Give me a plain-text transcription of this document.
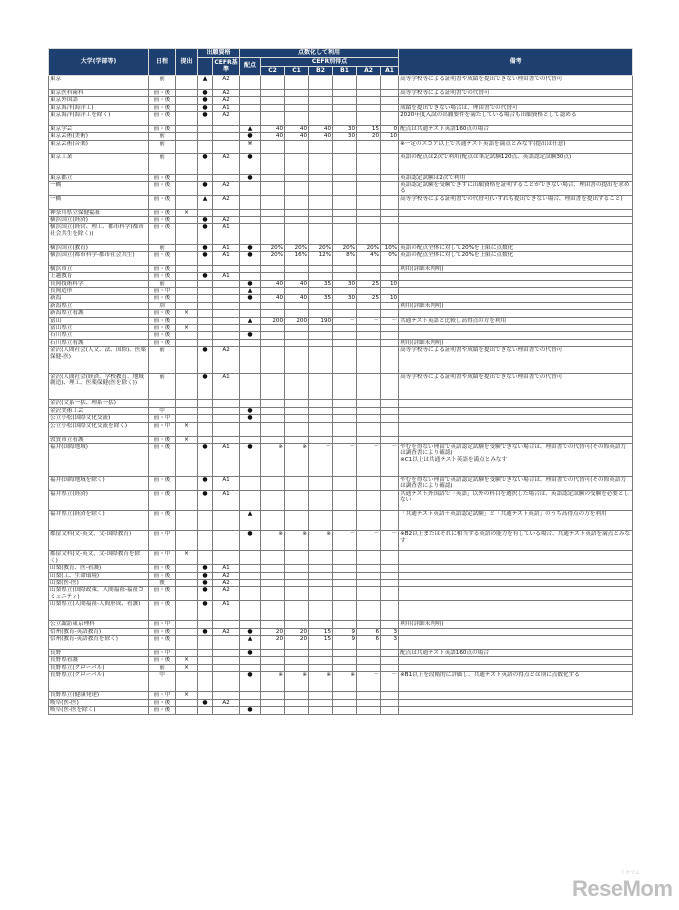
大学(学部等)	日程	提出	出願資格		点数化して利用							備考
				CEFR基準	配点	CEFR別得点						
						C2	C1	B2	B1	A2	A1	
東京	前		▲	A2								高等学校等による証明書や成績を提出できない理由書での代替可
東京医科歯科	前・後		●	A2								高等学校等による証明書での代替可
東京外国語	前・後		●	A2								
東京海洋(海洋工)	前・後		●	A1								成績を提出できない場合は、理由書での代替可
東京海洋(海洋工を除く)	前・後		●	A2								2020年度入試の出願要件を満たしている場合も出願資格として認める
東京学芸	前・後				▲	40	40	40	30	15	0	配点は共通テスト英語160点の場合
東京芸術(美術)	前				●	40	40	40	30	20	10	
東京芸術(音楽)	前				※							※一定のスコア以上で共通テスト英語を満点とみなす(提出は任意)
東京工業	前		●	A2	●							英語の配点は2次で利用(配点は筆記試験120点、英語認定試験30点)
東京都立	前・後				●							英語認定試験は2次で利用
一橋	前・後		●	A2								英語認定試験を受験できずに出願資格を証明することができない場合、理由書の提出を求める
一橋	前・後		▲	A2								高等学校等による証明書での代替可(いずれも提出できない場合、理由書を提出すること)
神奈川県立保健福祉	前・後	×										
横浜国立(経済)	前・後		●	A2								
横浜国立(経営、理工、都市科学(都市社会共生を除く))	前・後		●	A1								
横浜国立(教育)	前		●	A1	●	20%	20%	20%	20%	20%	10%	英語の配点全体に対して20%を上限に点数化
横浜国立(都市科学-都市社会共生)	前・後		●	A1	●	20%	16%	12%	8%	4%	0%	英語の配点全体に対して20%を上限に点数化
横浜市立	前・後											利用(詳細未判明)
上越教育	前・後		●	A1								
長岡技術科学	前				●	40	40	35	30	25	10	
長岡造形	前・中				▲							
新潟	前・後				●	40	40	35	30	25	10	
新潟県立	別											利用(詳細未判明)
新潟県立看護	前・後	×										
富山	前・後				▲	200	200	190	－	－	－	共通テスト英語と比較し高得点の方を利用
富山県立	前・後	×										
石川県立	前・後				●							
石川県立看護	前・後											利用(詳細未判明)
金沢(人間社会(人文、法、国際)、医薬保健-医)	前		●	A2								高等学校等による証明書や成績を提出できない理由書での代替可
金沢(人間社会(経済、学校教育、地域創造)、理工、医薬保健(医を除く))	前		●	A1								高等学校等による証明書や成績を提出できない理由書での代替可
金沢(文系一括、理系一括)												
金沢美術工芸	中				●							
公立小松(国際文化交流)	前・中				●							
公立小松(国際文化交流を除く)	前・中	×										
敦賀市立看護	前・後	×										
福井(国際地域)	前・後		●	A1	●	※	※	－	－	－	－	やむを得ない理由で英語認定試験を受験できない場合は、理由書での代替可(その際英語力は調査書により確認)
※C1以上は共通テスト英語を満点とみなす
福井(国際地域を除く)	前・後		●	A1								やむを得ない理由で英語認定試験を受験できない場合は、理由書での代替可(その際英語力は調査書により確認)
福井県立(経済)	前・後		●	A1								共通テスト外国語で「英語」以外の科目を選択した場合は、英語認定試験の受験を必要としない
福井県立(経済を除く)	前・後				▲							「共通テスト英語＋英語認定試験」と「共通テスト英語」のうち高得点の方を利用
都留文科(文-英文、文-国際教育)	前・中				●	※	※	※	－	－	－	※B2以上またはそれに相当する英語の能力を有している場合、共通テスト英語を満点とみなす
都留文科(文-英文、文-国際教育を除く)	前・中	×										
山梨(教育、医-看護)	前・後		●	A1								
山梨(工、生命環境)	前・後		●	A2								
山梨(医-医)	後		●	A2								
山梨県立(国際政策、人間福祉-福祉コミュニティ)	前・後		●	A2								
山梨県立(人間福祉-人間形成、看護)	前・後		●	A1								
公立諏訪東京理科	前・中											利用(詳細未判明)
信州(教育-英語教育)	前・後		●	A2	●	20	20	15	9	6	3	
信州(教育-英語教育を除く)	前・後				▲	20	20	15	9	6	3	
長野	前・中				●							配点は共通テスト英語160点の場合
長野県看護	前・後	×										
長野県立(グローバル)	前	×										
長野県立(グローバル)	中				●	※	※	※	※	－	－	※B1以上を段階的に評価し、共通テスト英語の得点とは別に点数化する
長野県立(健康発達)	前・中	×										
岐阜(医-医)	前・後		●	A2								
岐阜(医-医を除く)	前・後				●							
ReseMom
リセマム
